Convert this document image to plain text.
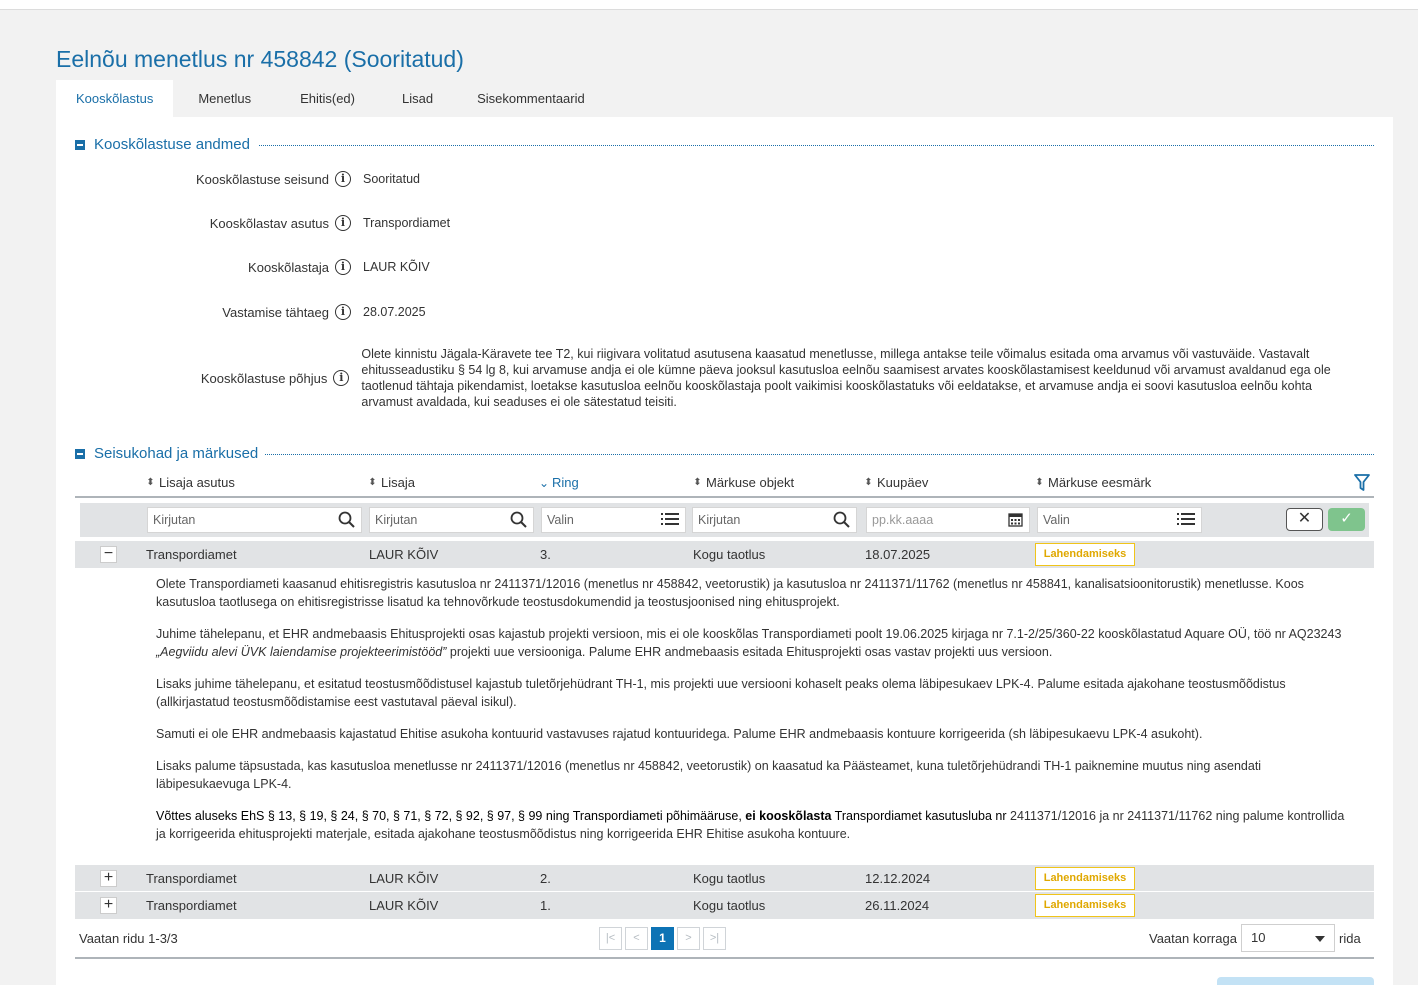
Eelnõu menetlus nr 458842 (Sooritatud)
Kooskõlastus	Menetlus	Ehitis(ed)	Lisad	Sisekommentaarid
Kooskõlastuse andmed
Kooskõlastuse seisund	i	Sooritatud
Kooskõlastav asutus	i	Transpordiamet
Kooskõlastaja	i	LAUR KÕIV
Vastamise tähtaeg	i	28.07.2025
Kooskõlastuse põhjus	i
Olete kinnistu Jägala-Käravete tee T2, kui riigivara volitatud asutusena kaasatud menetlusse, millega antakse teile võimalus esitada oma arvamus või vastuväide. Vastavalt ehitusseadustiku § 54 lg 8, kui arvamuse andja ei ole kümne päeva jooksul kasutusloa eelnõu saamisest arvates kooskõlastamisest keeldunud või arvamust avaldanud ega ole taotlenud tähtaja pikendamist, loetakse kasutusloa eelnõu kooskõlastaja poolt vaikimisi kooskõlastatuks või eeldatakse, et arvamuse andja ei soovi kasutusloa eelnõu kohta arvamust avaldada, kui seaduses ei ole sätestatud teisiti.
Seisukohad ja märkused
⬍ Lisaja asutus	⬍ Lisaja	⌄ Ring	⬍ Märkuse objekt	⬍ Kuupäev	⬍ Märkuse eesmärk
Kirjutan	Kirjutan	Valin	Kirjutan	pp.kk.aaaa	Valin	✕	✓
−	Transpordiamet	LAUR KÕIV	3.	Kogu taotlus	18.07.2025	Lahendamiseks

Olete Transpordiameti kaasanud ehitisregistris kasutusloa nr 2411371/12016 (menetlus nr 458842, veetorustik) ja kasutusloa nr 2411371/11762 (menetlus nr 458841, kanalisatsioonitorustik) menetlusse. Koos kasutusloa taotlusega on ehitisregistrisse lisatud ka tehnovõrkude teostusdokumendid ja teostusjoonised ning ehitusprojekt.

Juhime tähelepanu, et EHR andmebaasis Ehitusprojekti osas kajastub projekti versioon, mis ei ole kooskõlas Transpordiameti poolt 19.06.2025 kirjaga nr 7.1-2/25/360-22 kooskõlastatud Aquare OÜ, töö nr AQ23243 „Aegviidu alevi ÜVK laiendamise projekteerimistööd” projekti uue versiooniga. Palume EHR andmebaasis esitada Ehitusprojekti osas vastav projekti uus versioon.

Lisaks juhime tähelepanu, et esitatud teostusmõõdistusel kajastub tuletõrjehüdrant TH-1, mis projekti uue versiooni kohaselt peaks olema läbipesukaev LPK-4. Palume esitada ajakohane teostusmõõdistus (allkirjastatud teostusmõõdistamise eest vastutaval päeval isikul).

Samuti ei ole EHR andmebaasis kajastatud Ehitise asukoha kontuurid vastavuses rajatud kontuuridega. Palume EHR andmebaasis kontuure korrigeerida (sh läbipesukaevu LPK-4 asukoht).

Lisaks palume täpsustada, kas kasutusloa menetlusse nr 2411371/12016 (menetlus nr 458842, veetorustik) on kaasatud ka Päästeamet, kuna tuletõrjehüdrandi TH-1 paiknemine muutus ning asendati läbipesukaevuga LPK-4.

Võttes aluseks EhS § 13, § 19, § 24, § 70, § 71, § 72, § 92, § 97, § 99 ning Transpordiameti põhimääruse, ei kooskõlasta Transpordiamet kasutusluba nr 2411371/12016 ja nr 2411371/11762 ning palume kontrollida ja korrigeerida ehitusprojekti materjale, esitada ajakohane teostusmõõdistus ning korrigeerida EHR Ehitise asukoha kontuure.

+	Transpordiamet	LAUR KÕIV	2.	Kogu taotlus	12.12.2024	Lahendamiseks
+	Transpordiamet	LAUR KÕIV	1.	Kogu taotlus	26.11.2024	Lahendamiseks
Vaatan ridu 1-3/3	|<	<	1	>	>|	Vaatan korraga	10	rida
